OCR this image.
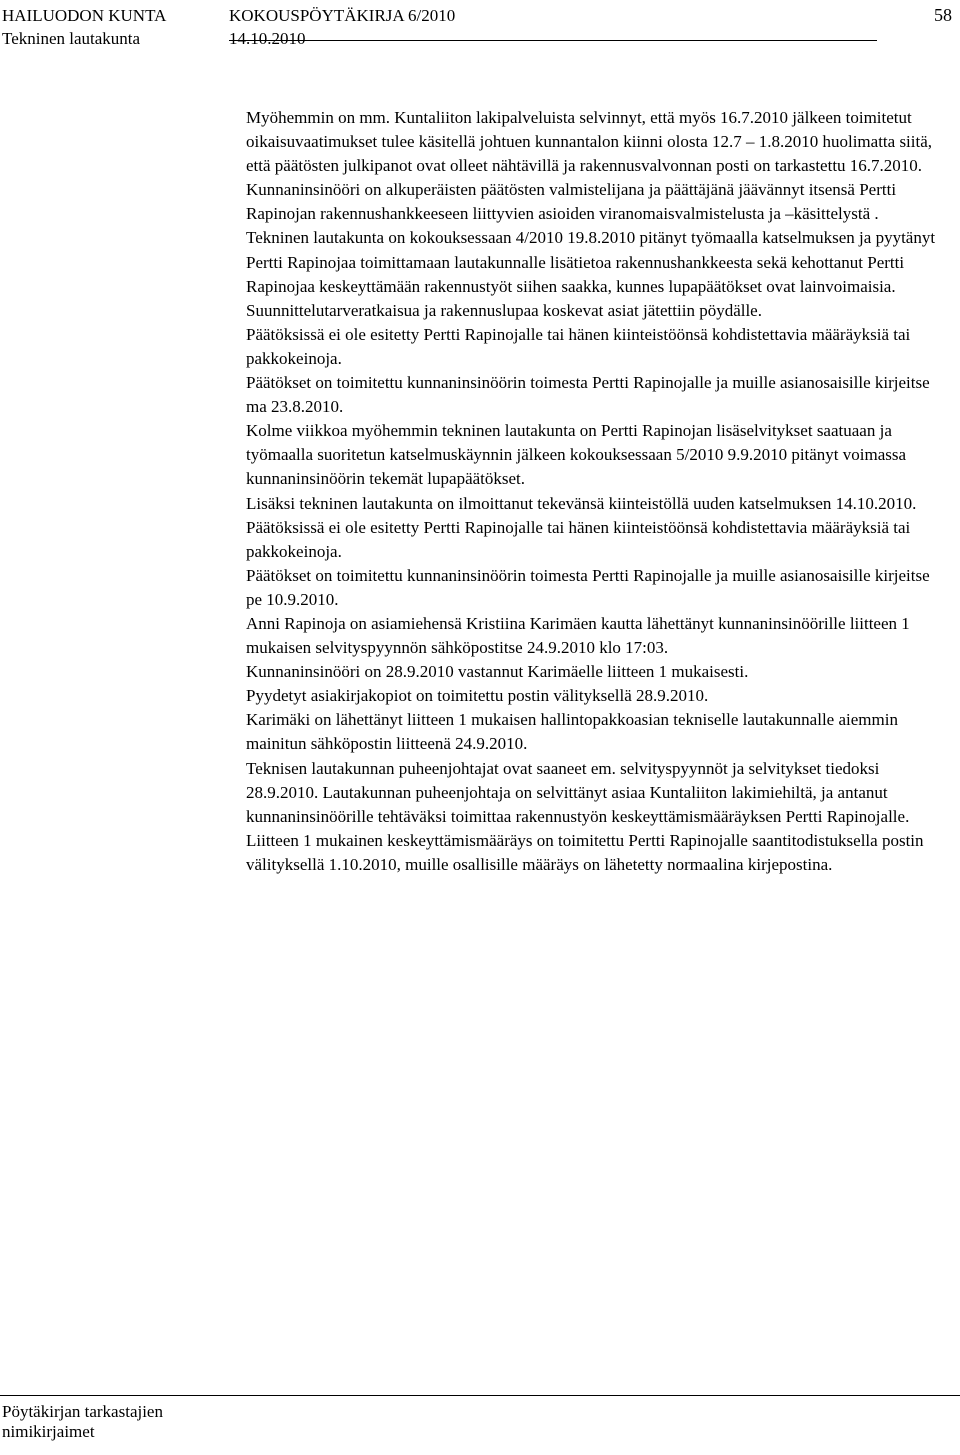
HAILUODON KUNTA	KOKOUSPÖYTÄKIRJA 6/2010	58
Tekninen lautakunta	14.10.2010

Myöhemmin on mm. Kuntaliiton lakipalveluista selvinnyt, että myös 16.7.2010 jälkeen toimitetut oikaisuvaatimukset tulee käsitellä johtuen kunnantalon kiinni olosta 12.7 – 1.8.2010 huolimatta siitä, että päätösten julkipanot ovat olleet nähtävillä ja rakennusvalvonnan posti on tarkastettu 16.7.2010.

Kunnaninsinööri on alkuperäisten päätösten valmistelijana ja päättäjänä jäävännyt itsensä Pertti Rapinojan rakennushankkeeseen liittyvien asioiden viranomaisvalmistelusta ja –käsittelystä .

Tekninen lautakunta on kokouksessaan 4/2010 19.8.2010 pitänyt työmaalla katselmuksen ja pyytänyt Pertti Rapinojaa toimittamaan lautakunnalle lisätietoa rakennushankkeesta sekä kehottanut Pertti Rapinojaa keskeyttämään rakennustyöt siihen saakka, kunnes lupapäätökset ovat lainvoimaisia.

Suunnittelutarveratkaisua ja rakennuslupaa koskevat asiat jätettiin pöydälle.

Päätöksissä ei ole esitetty Pertti Rapinojalle tai hänen kiinteistöönsä kohdistettavia määräyksiä tai pakkokeinoja.

Päätökset on toimitettu kunnaninsinöörin toimesta Pertti Rapinojalle ja muille asianosaisille kirjeitse ma 23.8.2010.

Kolme viikkoa myöhemmin tekninen lautakunta on Pertti Rapinojan lisäselvitykset saatuaan ja työmaalla suoritetun katselmuskäynnin jälkeen kokouksessaan 5/2010 9.9.2010 pitänyt voimassa kunnaninsinöörin tekemät lupapäätökset.

Lisäksi tekninen lautakunta on ilmoittanut tekevänsä kiinteistöllä uuden katselmuksen 14.10.2010.

Päätöksissä ei ole esitetty Pertti Rapinojalle tai hänen kiinteistöönsä kohdistettavia määräyksiä tai pakkokeinoja.

Päätökset on toimitettu kunnaninsinöörin toimesta Pertti Rapinojalle ja muille asianosaisille kirjeitse pe 10.9.2010.

Anni Rapinoja on asiamiehensä Kristiina Karimäen kautta lähettänyt kunnaninsinöörille liitteen 1 mukaisen selvityspyynnön sähköpostitse 24.9.2010 klo 17:03.

Kunnaninsinööri on 28.9.2010 vastannut Karimäelle liitteen 1 mukaisesti.

Pyydetyt asiakirjakopiot on toimitettu postin välityksellä 28.9.2010.

Karimäki on lähettänyt liitteen 1 mukaisen hallintopakkoasian tekniselle lautakunnalle aiemmin mainitun sähköpostin liitteenä 24.9.2010.

Teknisen lautakunnan puheenjohtajat ovat saaneet em. selvityspyynnöt ja selvitykset tiedoksi 28.9.2010. Lautakunnan puheenjohtaja on selvittänyt asiaa Kuntaliiton lakimiehiltä, ja antanut kunnaninsinöörille tehtäväksi toimittaa rakennustyön keskeyttämismääräyksen Pertti Rapinojalle.

Liitteen 1 mukainen keskeyttämismääräys on toimitettu Pertti Rapinojalle saantitodistuksella postin välityksellä 1.10.2010, muille osallisille määräys on lähetetty normaalina kirjepostina.

Pöytäkirjan tarkastajien
nimikirjaimet
